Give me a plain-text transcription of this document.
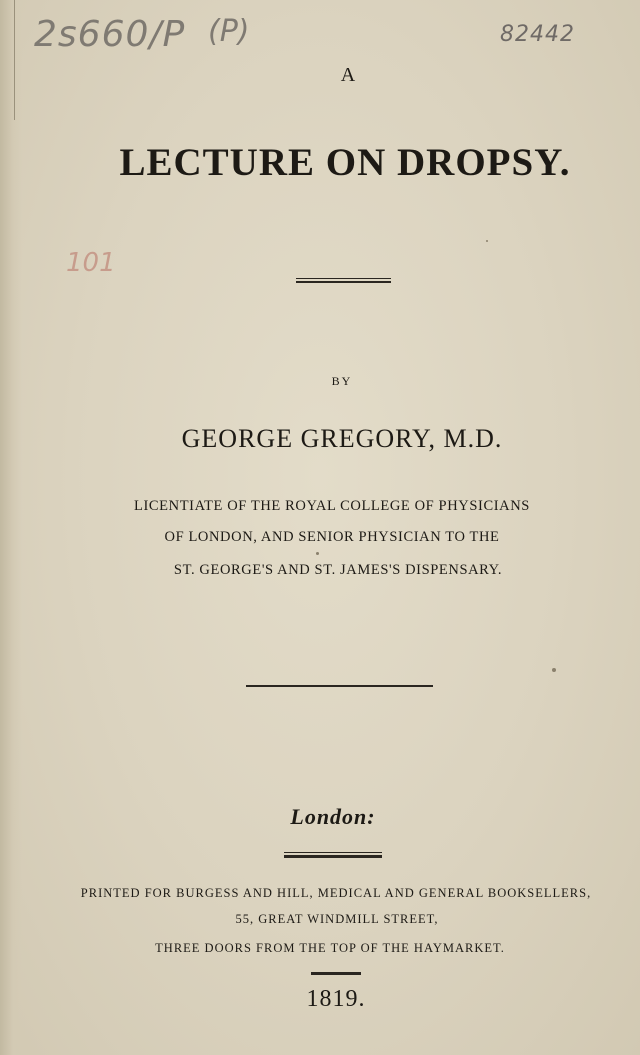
2s660/P (P)	82442
101
A
LECTURE ON DROPSY.
BY
GEORGE GREGORY, M.D.
LICENTIATE OF THE ROYAL COLLEGE OF PHYSICIANS
OF LONDON, AND SENIOR PHYSICIAN TO THE
ST. GEORGE'S AND ST. JAMES'S DISPENSARY.
London:
PRINTED FOR BURGESS AND HILL, MEDICAL AND GENERAL BOOKSELLERS,
55, GREAT WINDMILL STREET,
THREE DOORS FROM THE TOP OF THE HAYMARKET.
1819.
